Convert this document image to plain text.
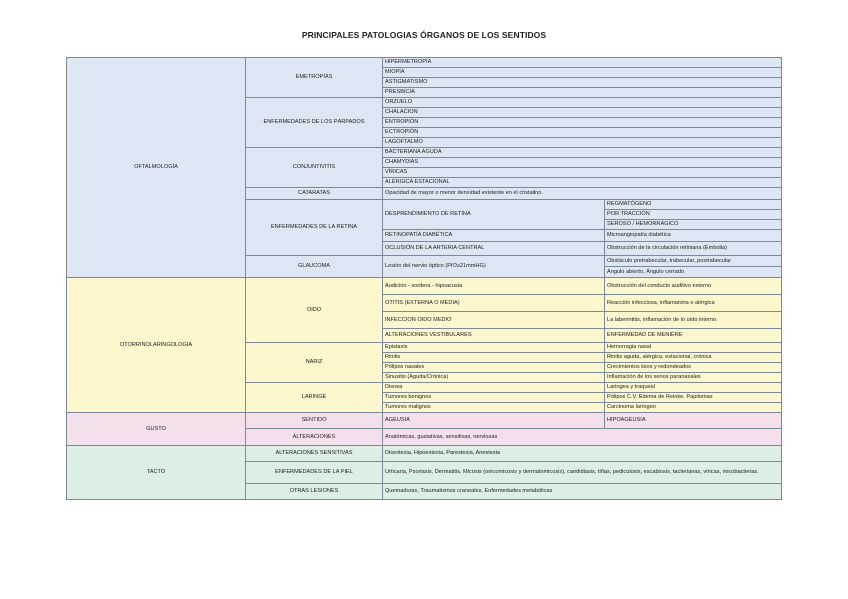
PRINCIPALES PATOLOGIAS ÓRGANOS DE LOS SENTIDOS
OFTALMOLOGÍA	EMETROPÍAS	HIPERMETROPÍA	
		MIOPÍA	
		ASTIGMATISMO	
		PRESBICIA	
	ENFERMEDADES DE LOS PÁRPADOS	ORZUELO	
		CHALACION	
		ENTROPIÓN	
		ECTROPIÓN	
		LAGOFTALMO	
	CONJUNTIVITIS	BACTERIANA AGUDA	
		CHAMYDIAS	
		VÍRICAS	
		ALÉRGICA ESTACIONAL	
	CATARATAS	Opacidad de mayor o menor densidad existente en el cristalino.	
	ENFERMEDADES DE LA RETINA	DESPRENDIMIENTO DE RETINA	REGMATÓGENO
			POR TRACCIÓN
			SEROSO / HEMORRÁGICO
		RETINOPATÍA DIABÉTICA	Microangiopatía diabética
		OCLUSIÓN DE LA ARTERIA CENTRAL	Obstrucción de la circulación retiniana (Embolia)
	GLAUCOMA	Lesión del nervio óptico (PIO≥21mmHG)	Obstáculo pretrabecular, trabecular, postrabecular
			Angulo abierto, Ángulo cerrado
OTORRINOLARINGOLOGÍA	OIDO	Audición - sordera - hipoacusia	Obstrucción del conducto auditivo externo
		OTITIS (EXTERNA O MEDIA)	Reacción infecciosa, inflamatoria o alérgica
		INFECCION OIDO MEDIO	La laberintitis, inflamación de lo oído interno.
		ALTERACIONES VESTIBULARES	ENFERMEDAD DE MENIÉRE
	NARIZ	Epistaxis	Hemorragia nasal
		Rinitis	Rinitis aguda, alérgica, estacional, crónica
		Pólipos nasales	Crecimientos lisos y redondeados
		Sinusitis (Aguda/Crónica)	Inflamación de los senos paranasales
	LARINGE	Disnea	Laringea y traqueal
		Tumores benignos	Pólipos C.V. Edema de Reinke. Papilomas
		Tumores malignos	Carcinoma laríngeo
GUSTO	SENTIDO	AGEUSIA	HIPOAGEUSIA
	ALTERACIONES	Anatómicas, gustativas, sensitivas, nerviosas	
TACTO	ALTERACIONES SENSITIVAS	Disestesia, Hipoestesia, Parestesia, Anestesia	
	ENFERMEDADES DE LA PIEL	Urticaria, Psoriasis, Dermatitis, Micosis (onicomicosis y dermatomicosis), candidiasis, tiñas, pediculosis, escabiosis, tacterianas, víricas, micobacterias.	
	OTRAS LESIONES	Quemaduras, Traumatismos craneales, Enfermedades metabólicas	
